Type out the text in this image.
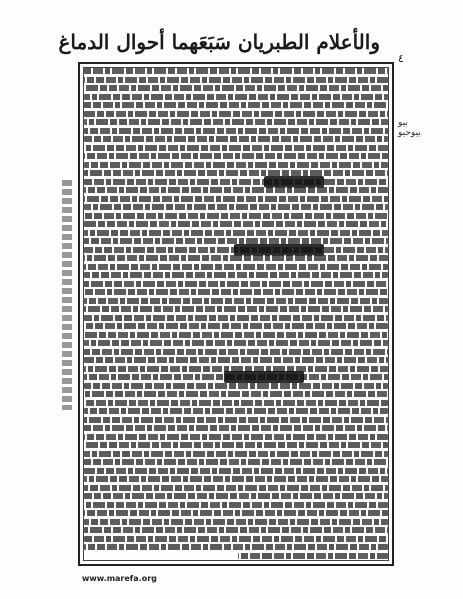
والأعلام الطبريان سَبَعَهما أحوال الدماغ
٤
بيو
بيوحيو
www.marefa.org
